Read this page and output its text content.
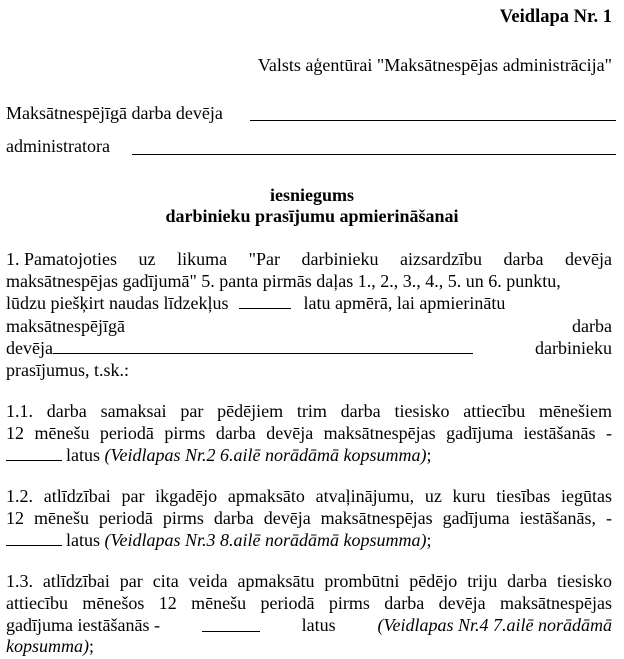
Veidlapa Nr. 1
Valsts aģentūrai "Maksātnespējas administrācija"
Maksātnespējīgā darba devēja
administratora
iesniegums
darbinieku prasījumu apmierināšanai
1. Pamatojoties uz likuma "Par darbinieku aizsardzību darba devēja
maksātnespējas gadījumā" 5. panta pirmās daļas 1., 2., 3., 4., 5. un 6. punktu,
lūdzu piešķirt naudas līdzekļus	latu apmērā, lai apmierinātu
maksātnespējīgā	darba
devēja	darbinieku
prasījumus, t.sk.:
1.1. darba samaksai par pēdējiem trim darba tiesisko attiecību mēnešiem
12 mēnešu periodā pirms darba devēja maksātnespējas gadījuma iestāšanās -
latus (Veidlapas Nr.2 6.ailē norādāmā kopsumma);
1.2. atlīdzībai par ikgadējo apmaksāto atvaļinājumu, uz kuru tiesības iegūtas
12 mēnešu periodā pirms darba devēja maksātnespējas gadījuma iestāšanās, -
latus (Veidlapas Nr.3 8.ailē norādāmā kopsumma);
1.3. atlīdzībai par cita veida apmaksātu prombūtni pēdējo triju darba tiesisko
attiecību mēnešos 12 mēnešu periodā pirms darba devēja maksātnespējas
gadījuma iestāšanās -	latus (Veidlapas Nr.4 7.ailē norādāmā
kopsumma);
